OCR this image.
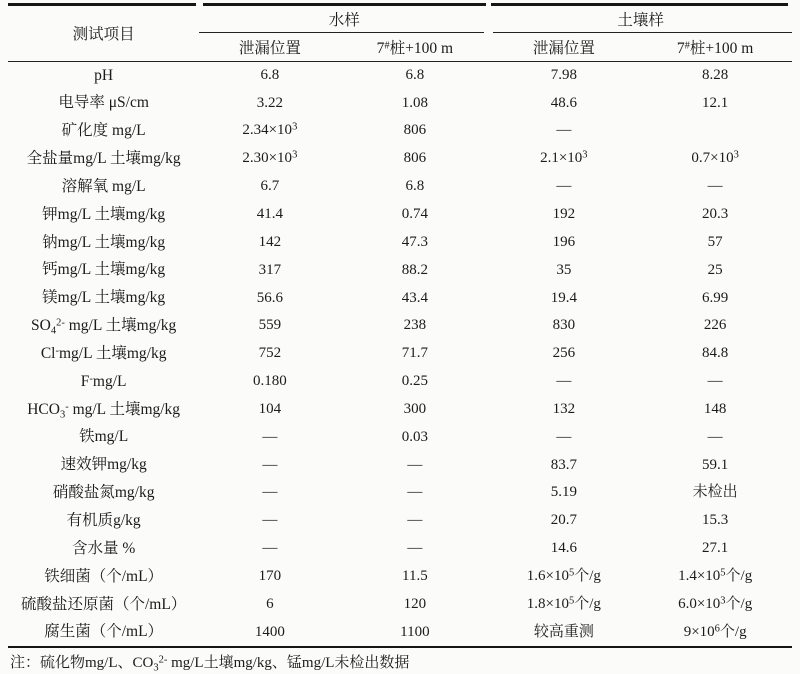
测试项目	水样		土壤样	
	泄漏位置	7#桩+100 m	泄漏位置	7#桩+100 m
pH	6.8	6.8	7.98	8.28
电导率 μS/cm	3.22	1.08	48.6	12.1
矿化度 mg/L	$2.34\times 10^3$	806	—	
全盐量mg/L 土壤mg/kg	$2.30\times 10^3$	806	$2.1\times 10^3$	$0.7\times 10^3$
溶解氧 mg/L	6.7	6.8	—	—
钾mg/L 土壤mg/kg	41.4	0.74	192	20.3
钠mg/L 土壤mg/kg	142	47.3	196	57
钙mg/L 土壤mg/kg	317	88.2	35	25
镁mg/L 土壤mg/kg	56.6	43.4	19.4	6.99
$SO_4^{2-}$ mg/L 土壤mg/kg	559	238	830	226
Cl-mg/L 土壤mg/kg	752	71.7	256	84.8
F-mg/L	0.180	0.25	—	—
$HCO_3^-$ mg/L 土壤mg/kg	104	300	132	148
铁mg/L	—	0.03	—	—
速效钾mg/kg	—	—	83.7	59.1
硝酸盐氮mg/kg	—	—	5.19	未检出
有机质g/kg	—	—	20.7	15.3
含水量 %	—	—	14.6	27.1
铁细菌（个/mL）	170	11.5	$1.6\times 10^5$个/g	$1.4\times 10^5$个/g
硫酸盐还原菌（个/mL）	6	120	$1.8\times 10^5$个/g	$6.0\times 10^3$个/g
腐生菌（个/mL）	1400	1100	较高重测	$9\times 10^6$个/g
注：硫化物mg/L、$CO_3^{2-}$ mg/L土壤mg/kg、锰mg/L未检出数据
